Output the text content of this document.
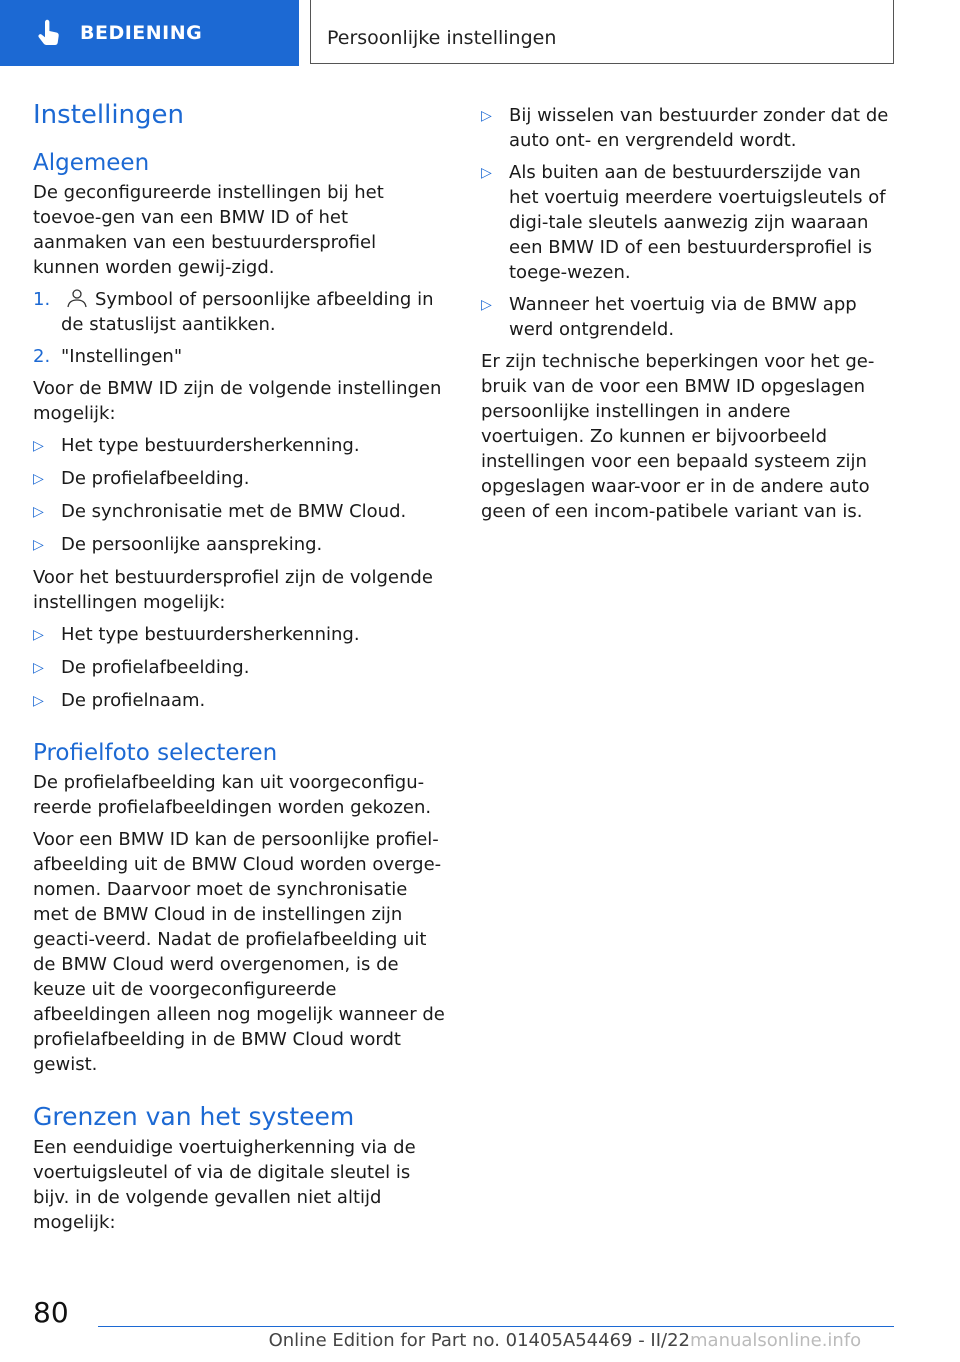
BEDIENING	Persoonlijke instellingen
Instellingen
Algemeen

De geconfigureerde instellingen bij het toevoe-gen van een BMW ID of het aanmaken van een bestuurdersprofiel kunnen worden gewij-zigd.

1.	Symbool of persoonlijke afbeelding in de statuslijst aantikken.
2. "Instellingen"

Voor de BMW ID zijn de volgende instellingen mogelijk:

▷ Het type bestuurdersherkenning.
▷ De profielafbeelding.
▷ De synchronisatie met de BMW Cloud.
▷ De persoonlijke aanspreking.

Voor het bestuurdersprofiel zijn de volgende instellingen mogelijk:

▷ Het type bestuurdersherkenning.
▷ De profielafbeelding.
▷ De profielnaam.
Profielfoto selecteren

De profielafbeelding kan uit voorgeconfigu-reerde profielafbeeldingen worden gekozen.

Voor een BMW ID kan de persoonlijke profiel-afbeelding uit de BMW Cloud worden overge-nomen. Daarvoor moet de synchronisatie met de BMW Cloud in de instellingen zijn geacti-veerd. Nadat de profielafbeelding uit de BMW Cloud werd overgenomen, is de keuze uit de voorgeconfigureerde afbeeldingen alleen nog mogelijk wanneer de profielafbeelding in de BMW Cloud wordt gewist.

Grenzen van het systeem

Een eenduidige voertuigherkenning via de voertuigsleutel of via de digitale sleutel is bijv. in de volgende gevallen niet altijd mogelijk:

▷ Bij wisselen van bestuurder zonder dat de auto ont- en vergrendeld wordt.
▷ Als buiten aan de bestuurderszijde van het voertuig meerdere voertuigsleutels of digi-tale sleutels aanwezig zijn waaraan een BMW ID of een bestuurdersprofiel is toege-wezen.
▷ Wanneer het voertuig via de BMW app werd ontgrendeld.

Er zijn technische beperkingen voor het ge-bruik van de voor een BMW ID opgeslagen persoonlijke instellingen in andere voertuigen. Zo kunnen er bijvoorbeeld instellingen voor een bepaald systeem zijn opgeslagen waar-voor er in de andere auto geen of een incom-patibele variant van is.

80
Online Edition for Part no. 01405A54469 - II/22 manualsonline.info
